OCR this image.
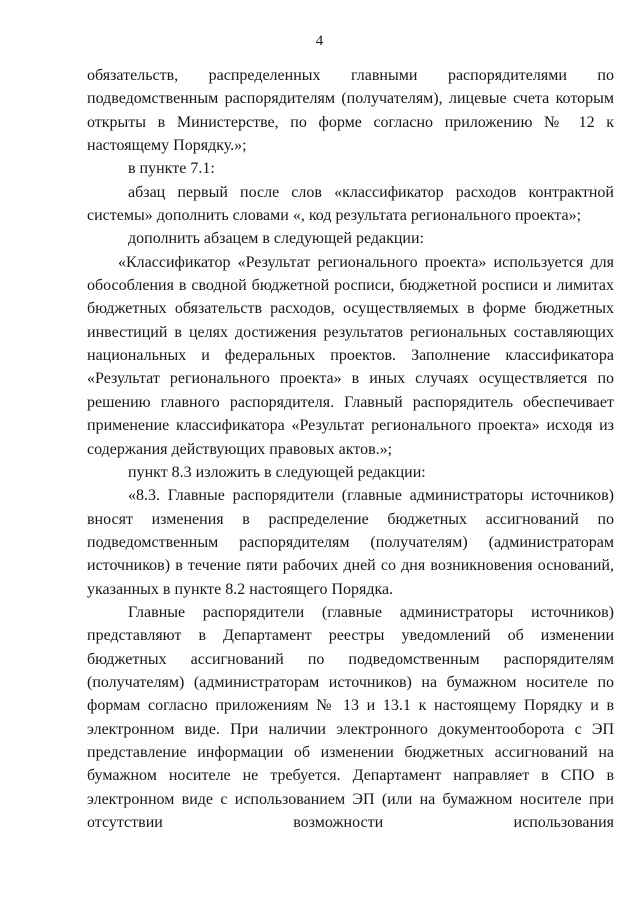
4

обязательств, распределенных главными распорядителями по подведомственным распорядителям (получателям), лицевые счета которым открыты в Министерстве, по форме согласно приложению № 12 к настоящему Порядку.»;

в пункте 7.1:

абзац первый после слов «классификатор расходов контрактной системы» дополнить словами «, код результата регионального проекта»;

дополнить абзацем в следующей редакции:

«Классификатор «Результат регионального проекта» используется для обособления в сводной бюджетной росписи, бюджетной росписи и лимитах бюджетных обязательств расходов, осуществляемых в форме бюджетных инвестиций в целях достижения результатов региональных составляющих национальных и федеральных проектов. Заполнение классификатора «Результат регионального проекта» в иных случаях осуществляется по решению главного распорядителя. Главный распорядитель обеспечивает применение классификатора «Результат регионального проекта» исходя из содержания действующих правовых актов.»;

пункт 8.3 изложить в следующей редакции:

«8.3. Главные распорядители (главные администраторы источников) вносят изменения в распределение бюджетных ассигнований по подведомственным распорядителям (получателям) (администраторам источников) в течение пяти рабочих дней со дня возникновения оснований, указанных в пункте 8.2 настоящего Порядка.

Главные распорядители (главные администраторы источников) представляют в Департамент реестры уведомлений об изменении бюджетных ассигнований по подведомственным распорядителям (получателям) (администраторам источников) на бумажном носителе по формам согласно приложениям № 13 и 13.1 к настоящему Порядку и в электронном виде. При наличии электронного документооборота с ЭП представление информации об изменении бюджетных ассигнований на бумажном носителе не требуется. Департамент направляет в СПО в электронном виде с использованием ЭП (или на бумажном носителе при отсутствии возможности использования
